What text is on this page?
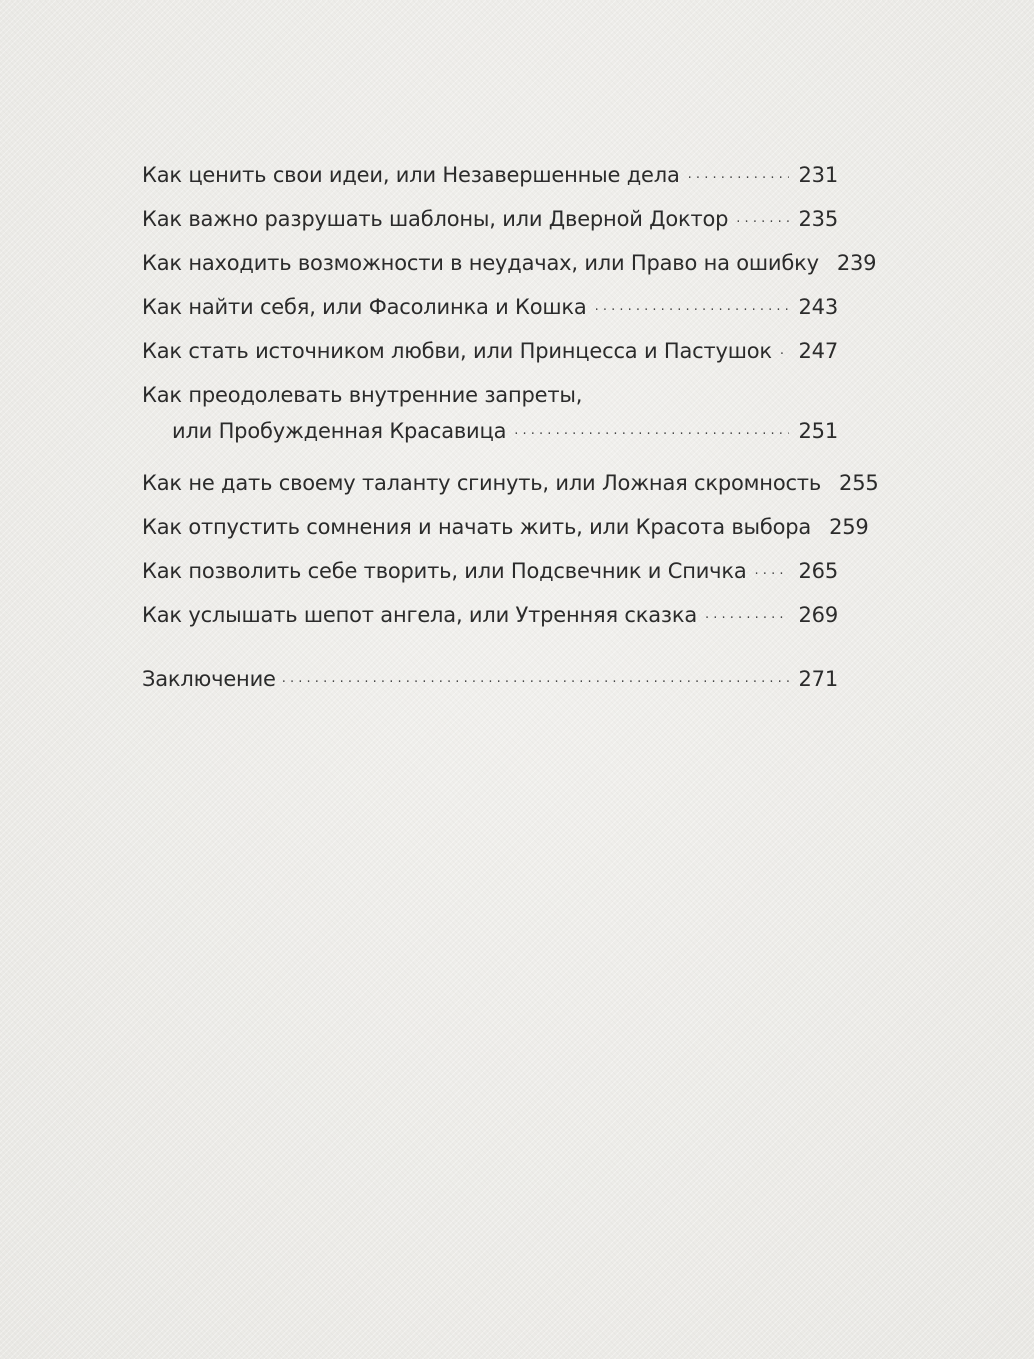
Как ценить свои идеи, или Незавершенные дела . . .	231
Как важно разрушать шаблоны, или Дверной Доктор . . .	235
Как находить возможности в неудачах, или Право на ошибку 239
Как найти себя, или Фасолинка и Кошка . . .	243
Как стать источником любви, или Принцесса и Пастушок . . . 247
Как преодолевать внутренние запреты,
или Пробужденная Красавица . . .	251
Как не дать своему таланту сгинуть, или Ложная скромность 255
Как отпустить сомнения и начать жить, или Красота выбора 259
Как позволить себе творить, или Подсвечник и Спичка . . . 265
Как услышать шепот ангела, или Утренняя сказка . . .	269
Заключение . . .	271
